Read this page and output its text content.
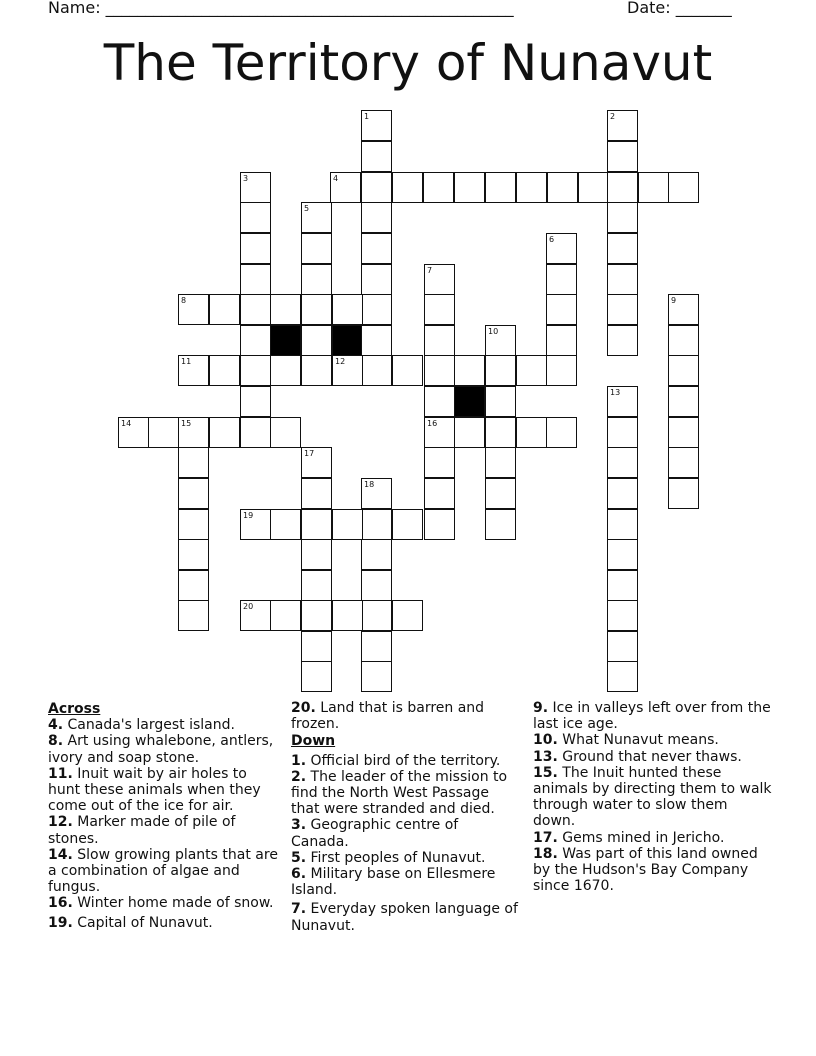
Name: ___________________________________________________	Date: _______
The Territory of Nunavut
1	2
3	4
5
6
7
8	9
10
11	12
13
14	15	16
17
18
19
20
Across
4. Canada's largest island.
8. Art using whalebone, antlers, ivory and soap stone.
11. Inuit wait by air holes to hunt these animals when they come out of the ice for air.
12. Marker made of pile of stones.
14. Slow growing plants that are a combination of algae and fungus.
16. Winter home made of snow.
19. Capital of Nunavut.
20. Land that is barren and frozen.
Down
1. Official bird of the territory.
2. The leader of the mission to find the North West Passage that were stranded and died.
3. Geographic centre of Canada.
5. First peoples of Nunavut.
6. Military base on Ellesmere Island.
7. Everyday spoken language of Nunavut.
9. Ice in valleys left over from the last ice age.
10. What Nunavut means.
13. Ground that never thaws.
15. The Inuit hunted these animals by directing them to walk through water to slow them down.
17. Gems mined in Jericho.
18. Was part of this land owned by the Hudson's Bay Company since 1670.
